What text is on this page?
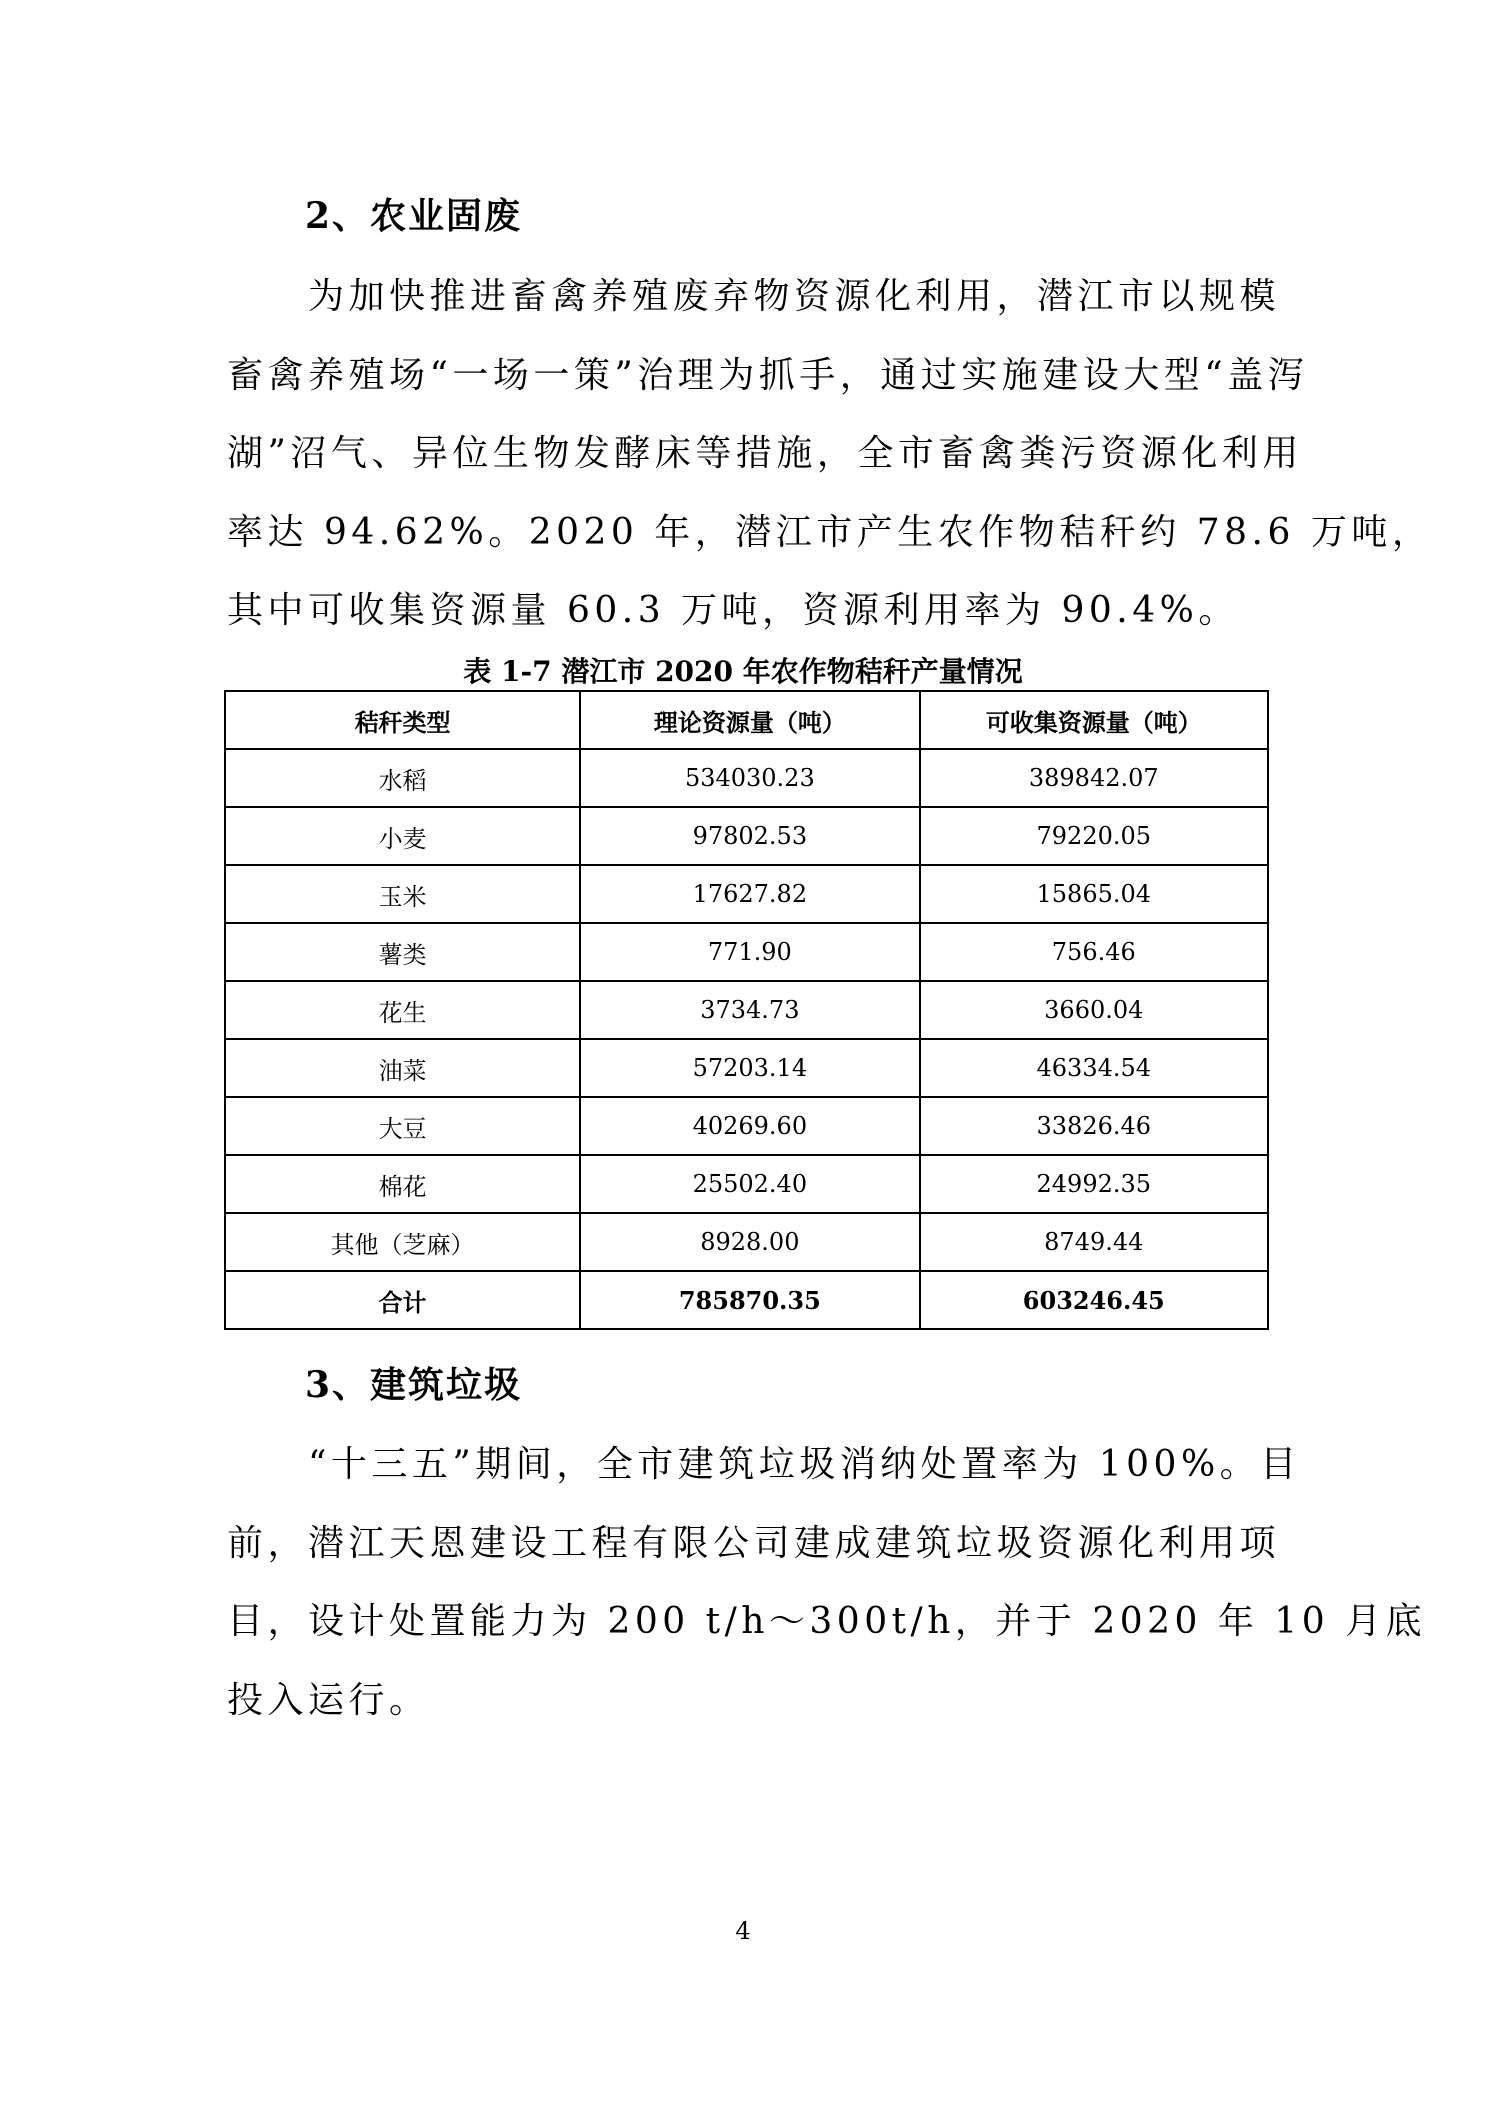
2、农业固废
为加快推进畜禽养殖废弃物资源化利用，潜江市以规模
畜禽养殖场“一场一策”治理为抓手，通过实施建设大型“盖泻
湖”沼气、异位生物发酵床等措施，全市畜禽粪污资源化利用
率达 94.62%。2020 年，潜江市产生农作物秸秆约 78.6 万吨，
其中可收集资源量 60.3 万吨，资源利用率为 90.4%。
表 1-7 潜江市 2020 年农作物秸秆产量情况
秸秆类型	理论资源量（吨）	可收集资源量（吨）
水稻	534030.23	389842.07
小麦	97802.53	79220.05
玉米	17627.82	15865.04
薯类	771.90	756.46
花生	3734.73	3660.04
油菜	57203.14	46334.54
大豆	40269.60	33826.46
棉花	25502.40	24992.35
其他（芝麻）	8928.00	8749.44
合计	785870.35	603246.45
3、建筑垃圾
“十三五”期间，全市建筑垃圾消纳处置率为 100%。目
前，潜江天恩建设工程有限公司建成建筑垃圾资源化利用项
目，设计处置能力为 200 t/h～300t/h，并于 2020 年 10 月底
投入运行。
4
